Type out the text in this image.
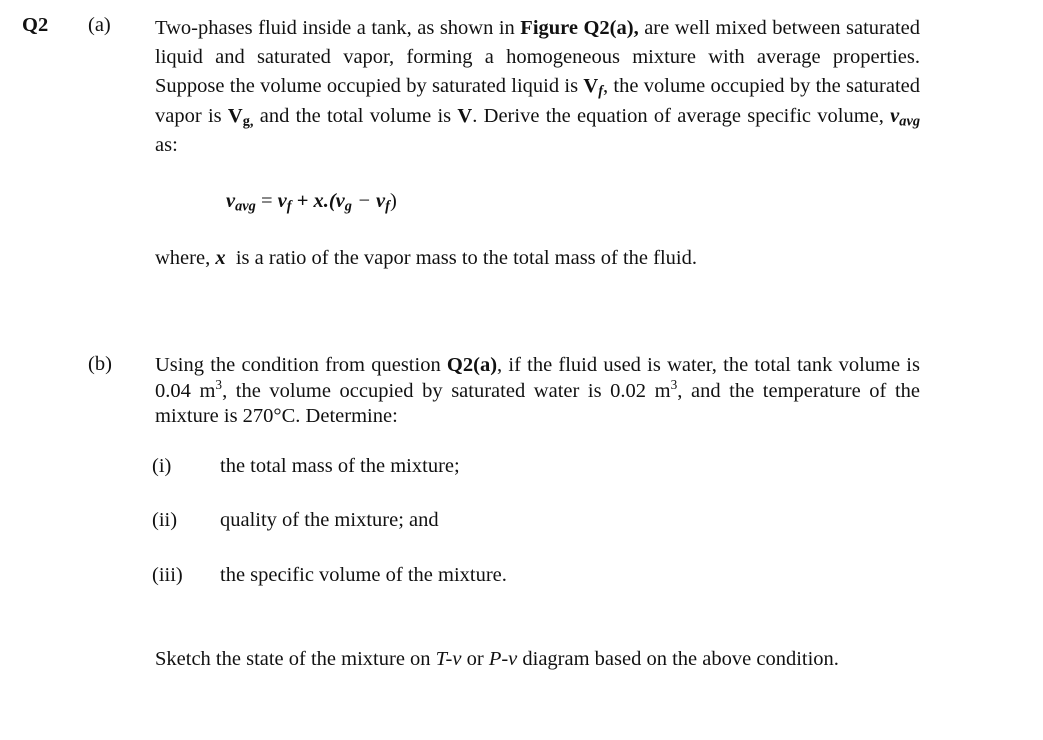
Q2 (a) Two-phases fluid inside a tank, as shown in Figure Q2(a), are well mixed between saturated liquid and saturated vapor, forming a homogeneous mixture with average properties. Suppose the volume occupied by saturated liquid is $V_f$, the volume occupied by the saturated vapor is $V_{g,}$ and the total volume is V. Derive the equation of average specific volume, $v_{avg}$ as:
$v_{avg} = v_f + x.(v_g - v_f)$
where, x  is a ratio of the vapor mass to the total mass of the fluid.
(b) Using the condition from question Q2(a), if the fluid used is water, the total tank volume is 0.04 $m^3$, the volume occupied by saturated water is 0.02 $m^3$, and the temperature of the mixture is 270°C. Determine:
(i) the total mass of the mixture;
(ii) quality of the mixture; and
(iii) the specific volume of the mixture.
Sketch the state of the mixture on T-v or P-v diagram based on the above condition.
